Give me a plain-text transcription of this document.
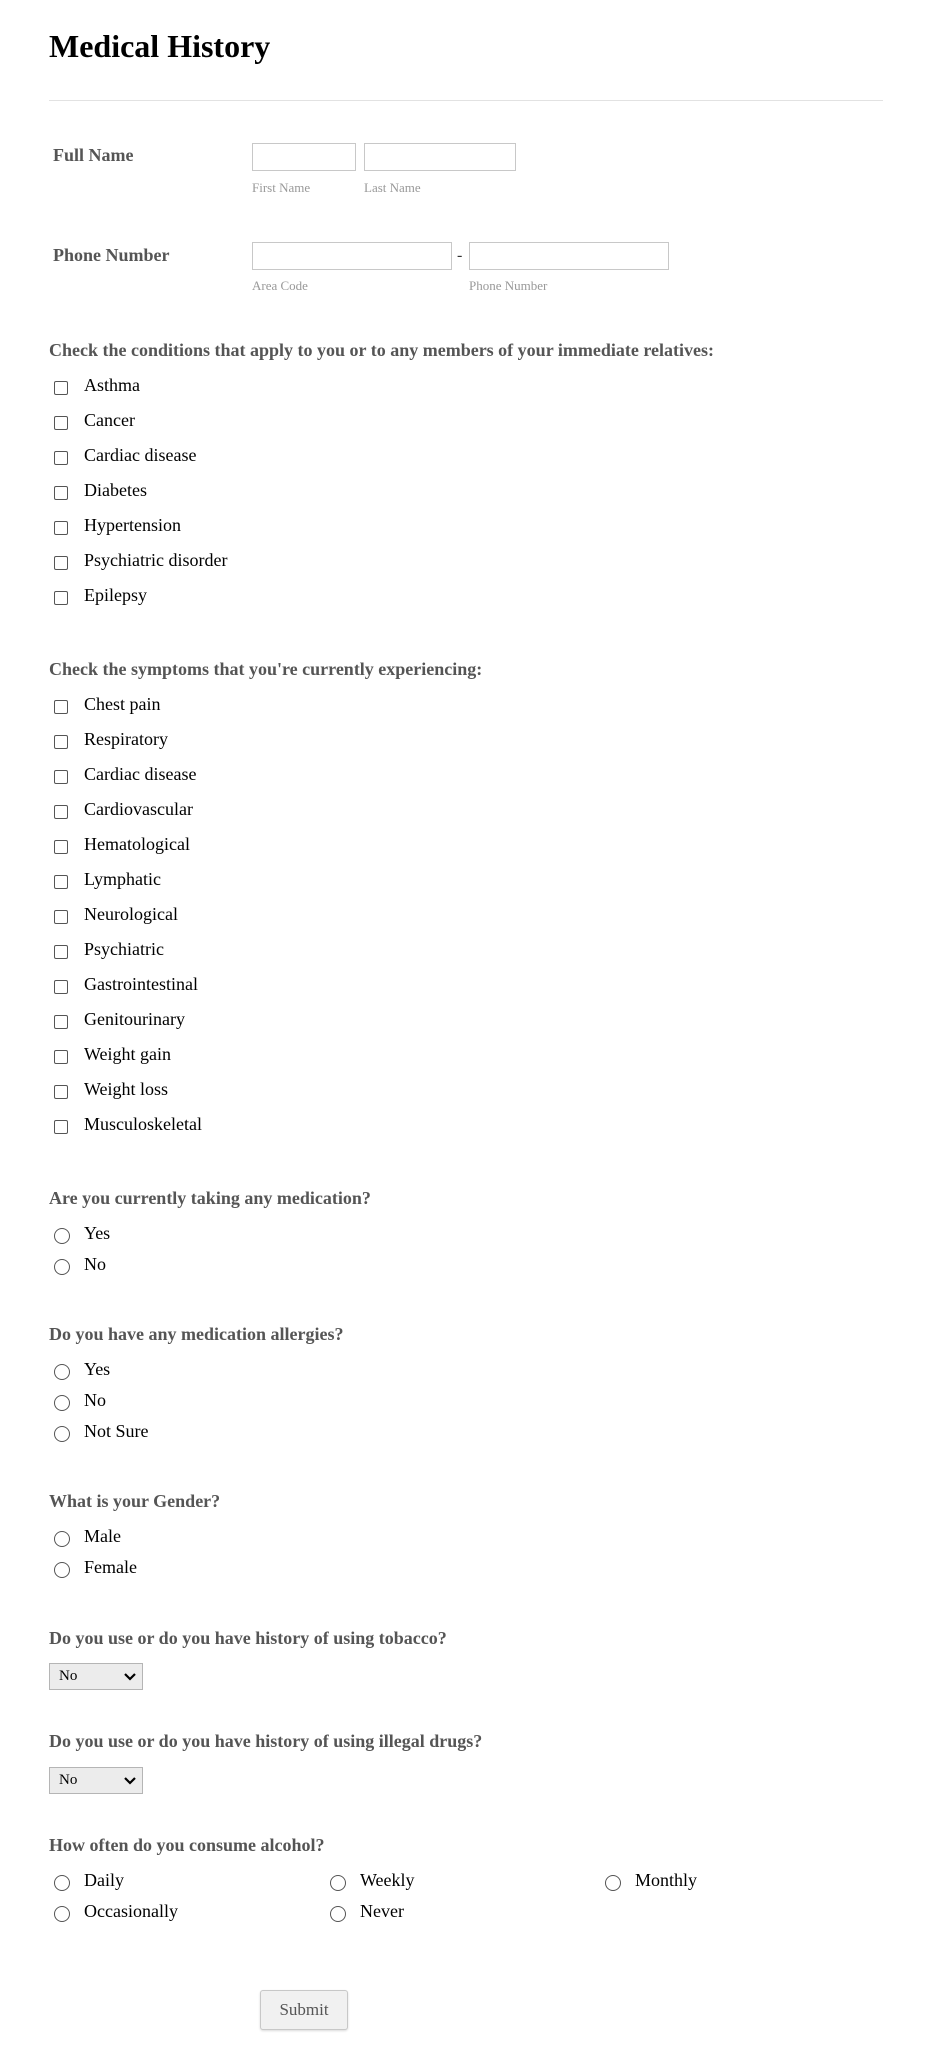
Medical History
Full Name
First Name	Last Name
Phone Number	-
Area Code	Phone Number
Check the conditions that apply to you or to any members of your immediate relatives:
Asthma
Cancer
Cardiac disease
Diabetes
Hypertension
Psychiatric disorder
Epilepsy
Check the symptoms that you're currently experiencing:
Chest pain
Respiratory
Cardiac disease
Cardiovascular
Hematological
Lymphatic
Neurological
Psychiatric
Gastrointestinal
Genitourinary
Weight gain
Weight loss
Musculoskeletal
Are you currently taking any medication?
Yes
No
Do you have any medication allergies?
Yes
No
Not Sure
What is your Gender?
Male
Female
Do you use or do you have history of using tobacco?
No
Do you use or do you have history of using illegal drugs?
No
How often do you consume alcohol?
Daily	Weekly	Monthly
Occasionally	Never
Submit
